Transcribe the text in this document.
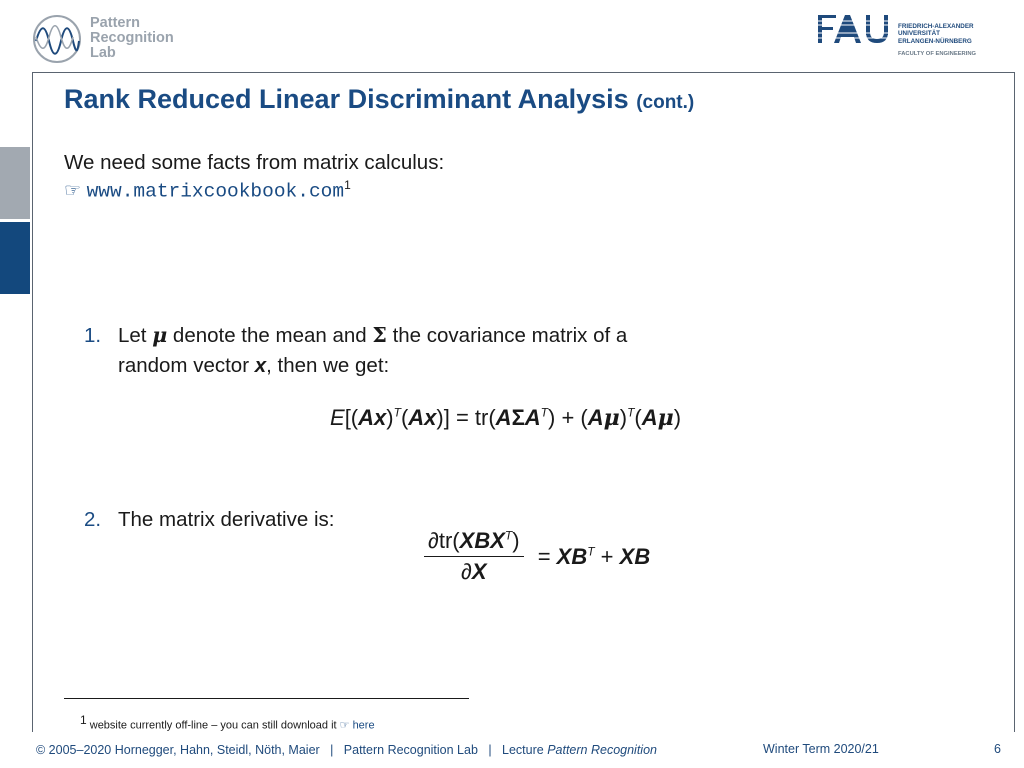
Pattern
Recognition
Lab
FRIEDRICH-ALEXANDER
UNIVERSITÄT
ERLANGEN-NÜRNBERG
FACULTY OF ENGINEERING
Rank Reduced Linear Discriminant Analysis (cont.)
We need some facts from matrix calculus:
☞ www.matrixcookbook.com$^1$
1. Let μ denote the mean and Σ the covariance matrix of a
random vector x, then we get:
$E[(Ax)^T(Ax)] = tr(A\Sigma A^T) + (A\mu)^T(A\mu)$
2. The matrix derivative is:
$\frac{\partial tr(XBX^T)}{\partial X} = XB^T$ + XB
$^1$ website currently off-line – you can still download it ☞ here
© 2005–2020 Hornegger, Hahn, Steidl, Nöth, Maier | Pattern Recognition Lab | Lecture Pattern Recognition	Winter Term 2020/21	6
